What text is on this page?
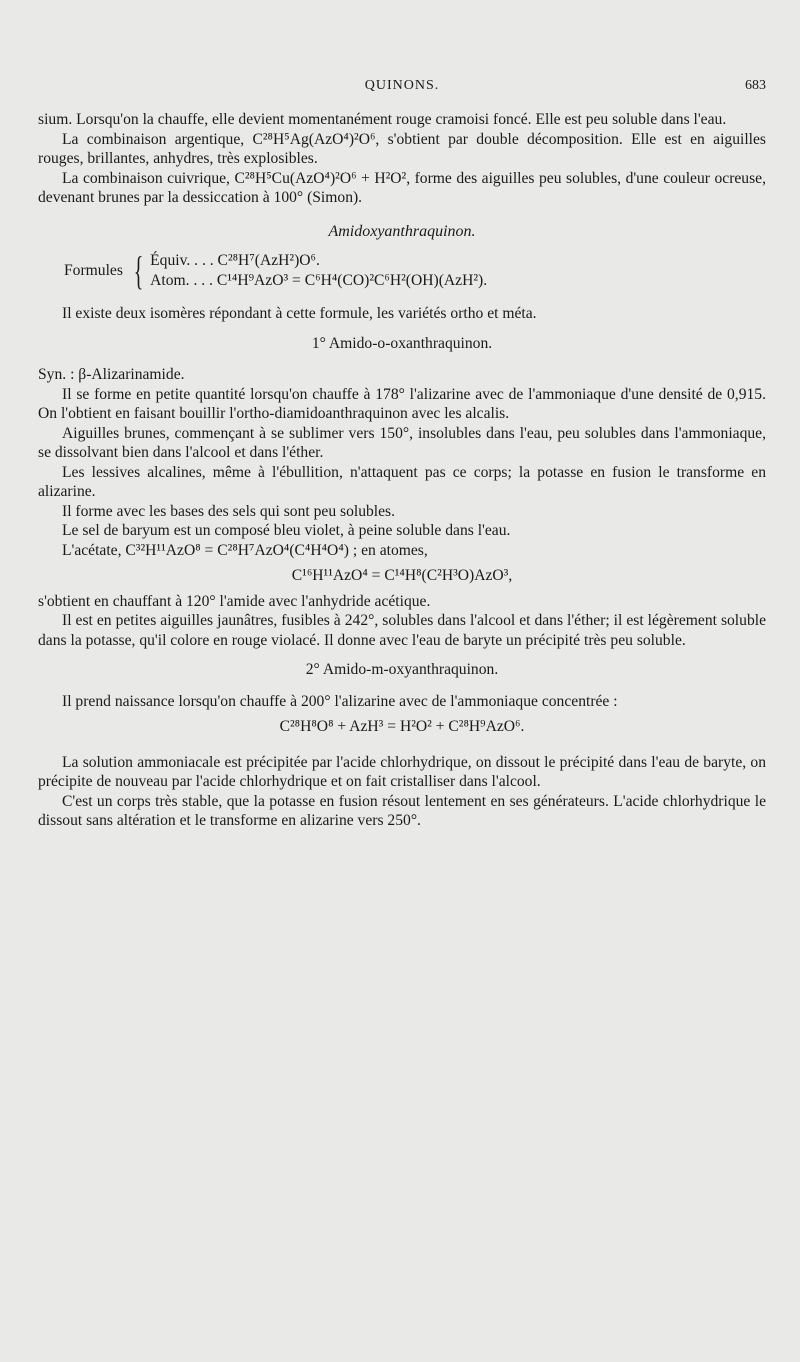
QUINONS.	683

sium. Lorsqu'on la chauffe, elle devient momentanément rouge cramoisi foncé. Elle est peu soluble dans l'eau.

La combinaison argentique, C²⁸H⁵Ag(AzO⁴)²O⁶, s'obtient par double décomposition. Elle est en aiguilles rouges, brillantes, anhydres, très explosibles.

La combinaison cuivrique, C²⁸H⁵Cu(AzO⁴)²O⁶ + H²O², forme des aiguilles peu solubles, d'une couleur ocreuse, devenant brunes par la dessiccation à 100° (Simon).

Amidoxyanthraquinon.

Formules { Équiv. . . . C²⁸H⁷(AzH²)O⁶.
Atom. . . . C¹⁴H⁹AzO³ = C⁶H⁴(CO)²C⁶H²(OH)(AzH²).

Il existe deux isomères répondant à cette formule, les variétés ortho et méta.

1° Amido-o-oxanthraquinon.

Syn. : β-Alizarinamide.

Il se forme en petite quantité lorsqu'on chauffe à 178° l'alizarine avec de l'ammoniaque d'une densité de 0,915. On l'obtient en faisant bouillir l'ortho-diamidoanthraquinon avec les alcalis.

Aiguilles brunes, commençant à se sublimer vers 150°, insolubles dans l'eau, peu solubles dans l'ammoniaque, se dissolvant bien dans l'alcool et dans l'éther.

Les lessives alcalines, même à l'ébullition, n'attaquent pas ce corps; la potasse en fusion le transforme en alizarine.

Il forme avec les bases des sels qui sont peu solubles.

Le sel de baryum est un composé bleu violet, à peine soluble dans l'eau.

L'acétate, C³²H¹¹AzO⁸ = C²⁸H⁷AzO⁴(C⁴H⁴O⁴) ; en atomes,

C¹⁶H¹¹AzO⁴ = C¹⁴H⁸(C²H³O)AzO³,

s'obtient en chauffant à 120° l'amide avec l'anhydride acétique.

Il est en petites aiguilles jaunâtres, fusibles à 242°, solubles dans l'alcool et dans l'éther; il est légèrement soluble dans la potasse, qu'il colore en rouge violacé. Il donne avec l'eau de baryte un précipité très peu soluble.

2° Amido-m-oxyanthraquinon.

Il prend naissance lorsqu'on chauffe à 200° l'alizarine avec de l'ammoniaque concentrée :

C²⁸H⁸O⁸ + AzH³ = H²O² + C²⁸H⁹AzO⁶.

La solution ammoniacale est précipitée par l'acide chlorhydrique, on dissout le précipité dans l'eau de baryte, on précipite de nouveau par l'acide chlorhydrique et on fait cristalliser dans l'alcool.

C'est un corps très stable, que la potasse en fusion résout lentement en ses générateurs. L'acide chlorhydrique le dissout sans altération et le transforme en alizarine vers 250°.
